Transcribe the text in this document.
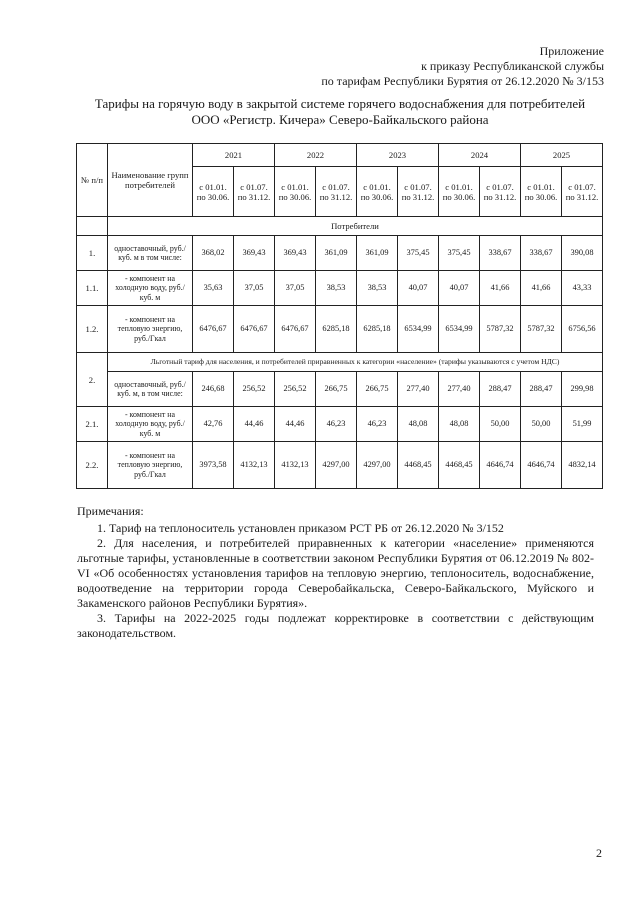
Приложение
к приказу Республиканской службы
по тарифам Республики Бурятия от 26.12.2020 № 3/153
Тарифы на горячую воду в закрытой системе горячего водоснабжения для потребителей
ООО «Регистр. Кичера» Северо-Байкальского района
№ п/п	Наименование групп потребителей	2021		2022		2023		2024		2025	
		с 01.01. по 30.06.	с 01.07. по 31.12.	с 01.01. по 30.06.	с 01.07. по 31.12.	с 01.01. по 30.06.	с 01.07. по 31.12.	с 01.01. по 30.06.	с 01.07. по 31.12.	с 01.01. по 30.06.	с 01.07. по 31.12.
	Потребители										
1.	одноставочный, руб./ куб. м в том числе:	368,02	369,43	369,43	361,09	361,09	375,45	375,45	338,67	338,67	390,08
1.1.	- компонент на холодную воду, руб./ куб. м	35,63	37,05	37,05	38,53	38,53	40,07	40,07	41,66	41,66	43,33
1.2.	- компонент на тепловую энергию, руб./Гкал	6476,67	6476,67	6476,67	6285,18	6285,18	6534,99	6534,99	5787,32	5787,32	6756,56
2.	Льготный тариф для населения, и потребителей приравненных к категории «население» (тарифы указываются с учетом НДС)										
	одноставочный, руб./ куб. м, в том числе:	246,68	256,52	256,52	266,75	266,75	277,40	277,40	288,47	288,47	299,98
2.1.	- компонент на холодную воду, руб./ куб. м	42,76	44,46	44,46	46,23	46,23	48,08	48,08	50,00	50,00	51,99
2.2.	- компонент на тепловую энергию, руб./Гкал	3973,58	4132,13	4132,13	4297,00	4297,00	4468,45	4468,45	4646,74	4646,74	4832,14
Примечания:

1. Тариф на теплоноситель установлен приказом РСТ РБ от 26.12.2020 № 3/152

2. Для населения, и потребителей приравненных к категории «население» применяются льготные тарифы, установленные в соответствии законом Республики Бурятия от 06.12.2019 № 802-VI «Об особенностях установления тарифов на тепловую энергию, теплоноситель, водоснабжение, водоотведение на территории города Северобайкальска, Северо-Байкальского, Муйского и Закаменского районов Республики Бурятия».

3. Тарифы на 2022-2025 годы подлежат корректировке в соответствии с действующим законодательством.

2
